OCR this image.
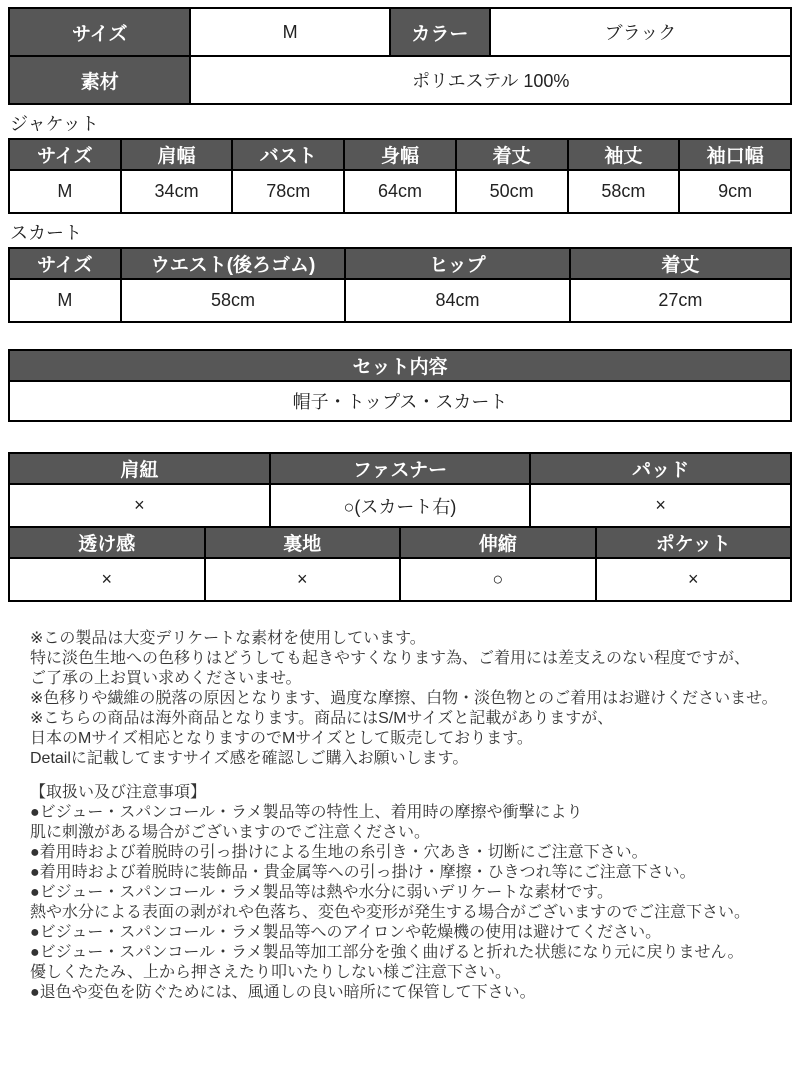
サイズ	M	カラー	ブラック
素材	ポリエステル 100%		
ジャケット
サイズ	肩幅	バスト	身幅	着丈	袖丈	袖口幅
M	34cm	78cm	64cm	50cm	58cm	9cm
スカート
サイズ	ウエスト(後ろゴム)	ヒップ	着丈
M	58cm	84cm	27cm
セット内容
帽子・トップス・スカート
肩紐	ファスナー	パッド
×	○(スカート右)	×
透け感	裏地	伸縮	ポケット
×	×	○	×
※この製品は大変デリケートな素材を使用しています。
特に淡色生地への色移りはどうしても起きやすくなります為、ご着用には差支えのない程度ですが、
ご了承の上お買い求めくださいませ。
※色移りや繊維の脱落の原因となります、過度な摩擦、白物・淡色物とのご着用はお避けくださいませ。
※こちらの商品は海外商品となります。商品にはS/Mサイズと記載がありますが、
日本のMサイズ相応となりますのでMサイズとして販売しております。
Detailに記載してますサイズ感を確認しご購入お願いします。
【取扱い及び注意事項】
●ビジュー・スパンコール・ラメ製品等の特性上、着用時の摩擦や衝撃により
肌に刺激がある場合がございますのでご注意ください。
●着用時および着脱時の引っ掛けによる生地の糸引き・穴あき・切断にご注意下さい。
●着用時および着脱時に装飾品・貴金属等への引っ掛け・摩擦・ひきつれ等にご注意下さい。
●ビジュー・スパンコール・ラメ製品等は熱や水分に弱いデリケートな素材です。
熱や水分による表面の剥がれや色落ち、変色や変形が発生する場合がございますのでご注意下さい。
●ビジュー・スパンコール・ラメ製品等へのアイロンや乾燥機の使用は避けてください。
●ビジュー・スパンコール・ラメ製品等加工部分を強く曲げると折れた状態になり元に戻りません。
優しくたたみ、上から押さえたり叩いたりしない様ご注意下さい。
●退色や変色を防ぐためには、風通しの良い暗所にて保管して下さい。
